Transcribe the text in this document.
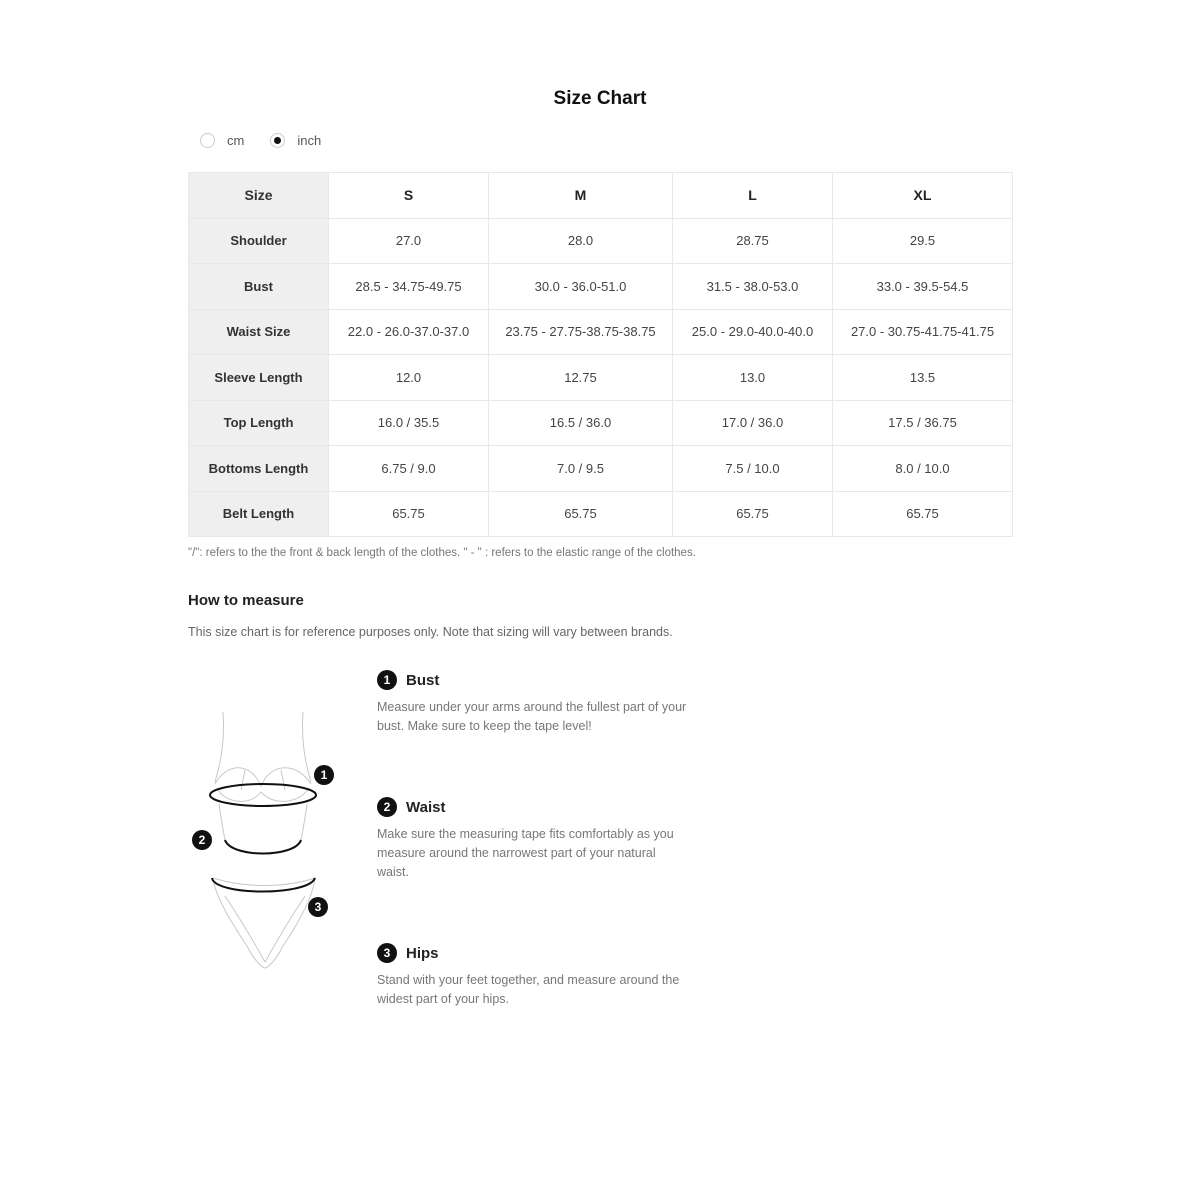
Size Chart
cm	inch
Size	S	M	L	XL
Shoulder	27.0	28.0	28.75	29.5
Bust	28.5 - 34.75-49.75	30.0 - 36.0-51.0	31.5 - 38.0-53.0	33.0 - 39.5-54.5
Waist Size	22.0 - 26.0-37.0-37.0	23.75 - 27.75-38.75-38.75	25.0 - 29.0-40.0-40.0	27.0 - 30.75-41.75-41.75
Sleeve Length	12.0	12.75	13.0	13.5
Top Length	16.0 / 35.5	16.5 / 36.0	17.0 / 36.0	17.5 / 36.75
Bottoms Length	6.75 / 9.0	7.0 / 9.5	7.5 / 10.0	8.0 / 10.0
Belt Length	65.75	65.75	65.75	65.75
"/": refers to the the front & back length of the clothes. " - " : refers to the elastic range of the clothes.
How to measure
This size chart is for reference purposes only. Note that sizing will vary between brands.
1
2
3
1	Bust
Measure under your arms around the fullest part of your bust. Make sure to keep the tape level!
2	Waist
Make sure the measuring tape fits comfortably as you measure around the narrowest part of your natural waist.
3	Hips
Stand with your feet together, and measure around the widest part of your hips.
